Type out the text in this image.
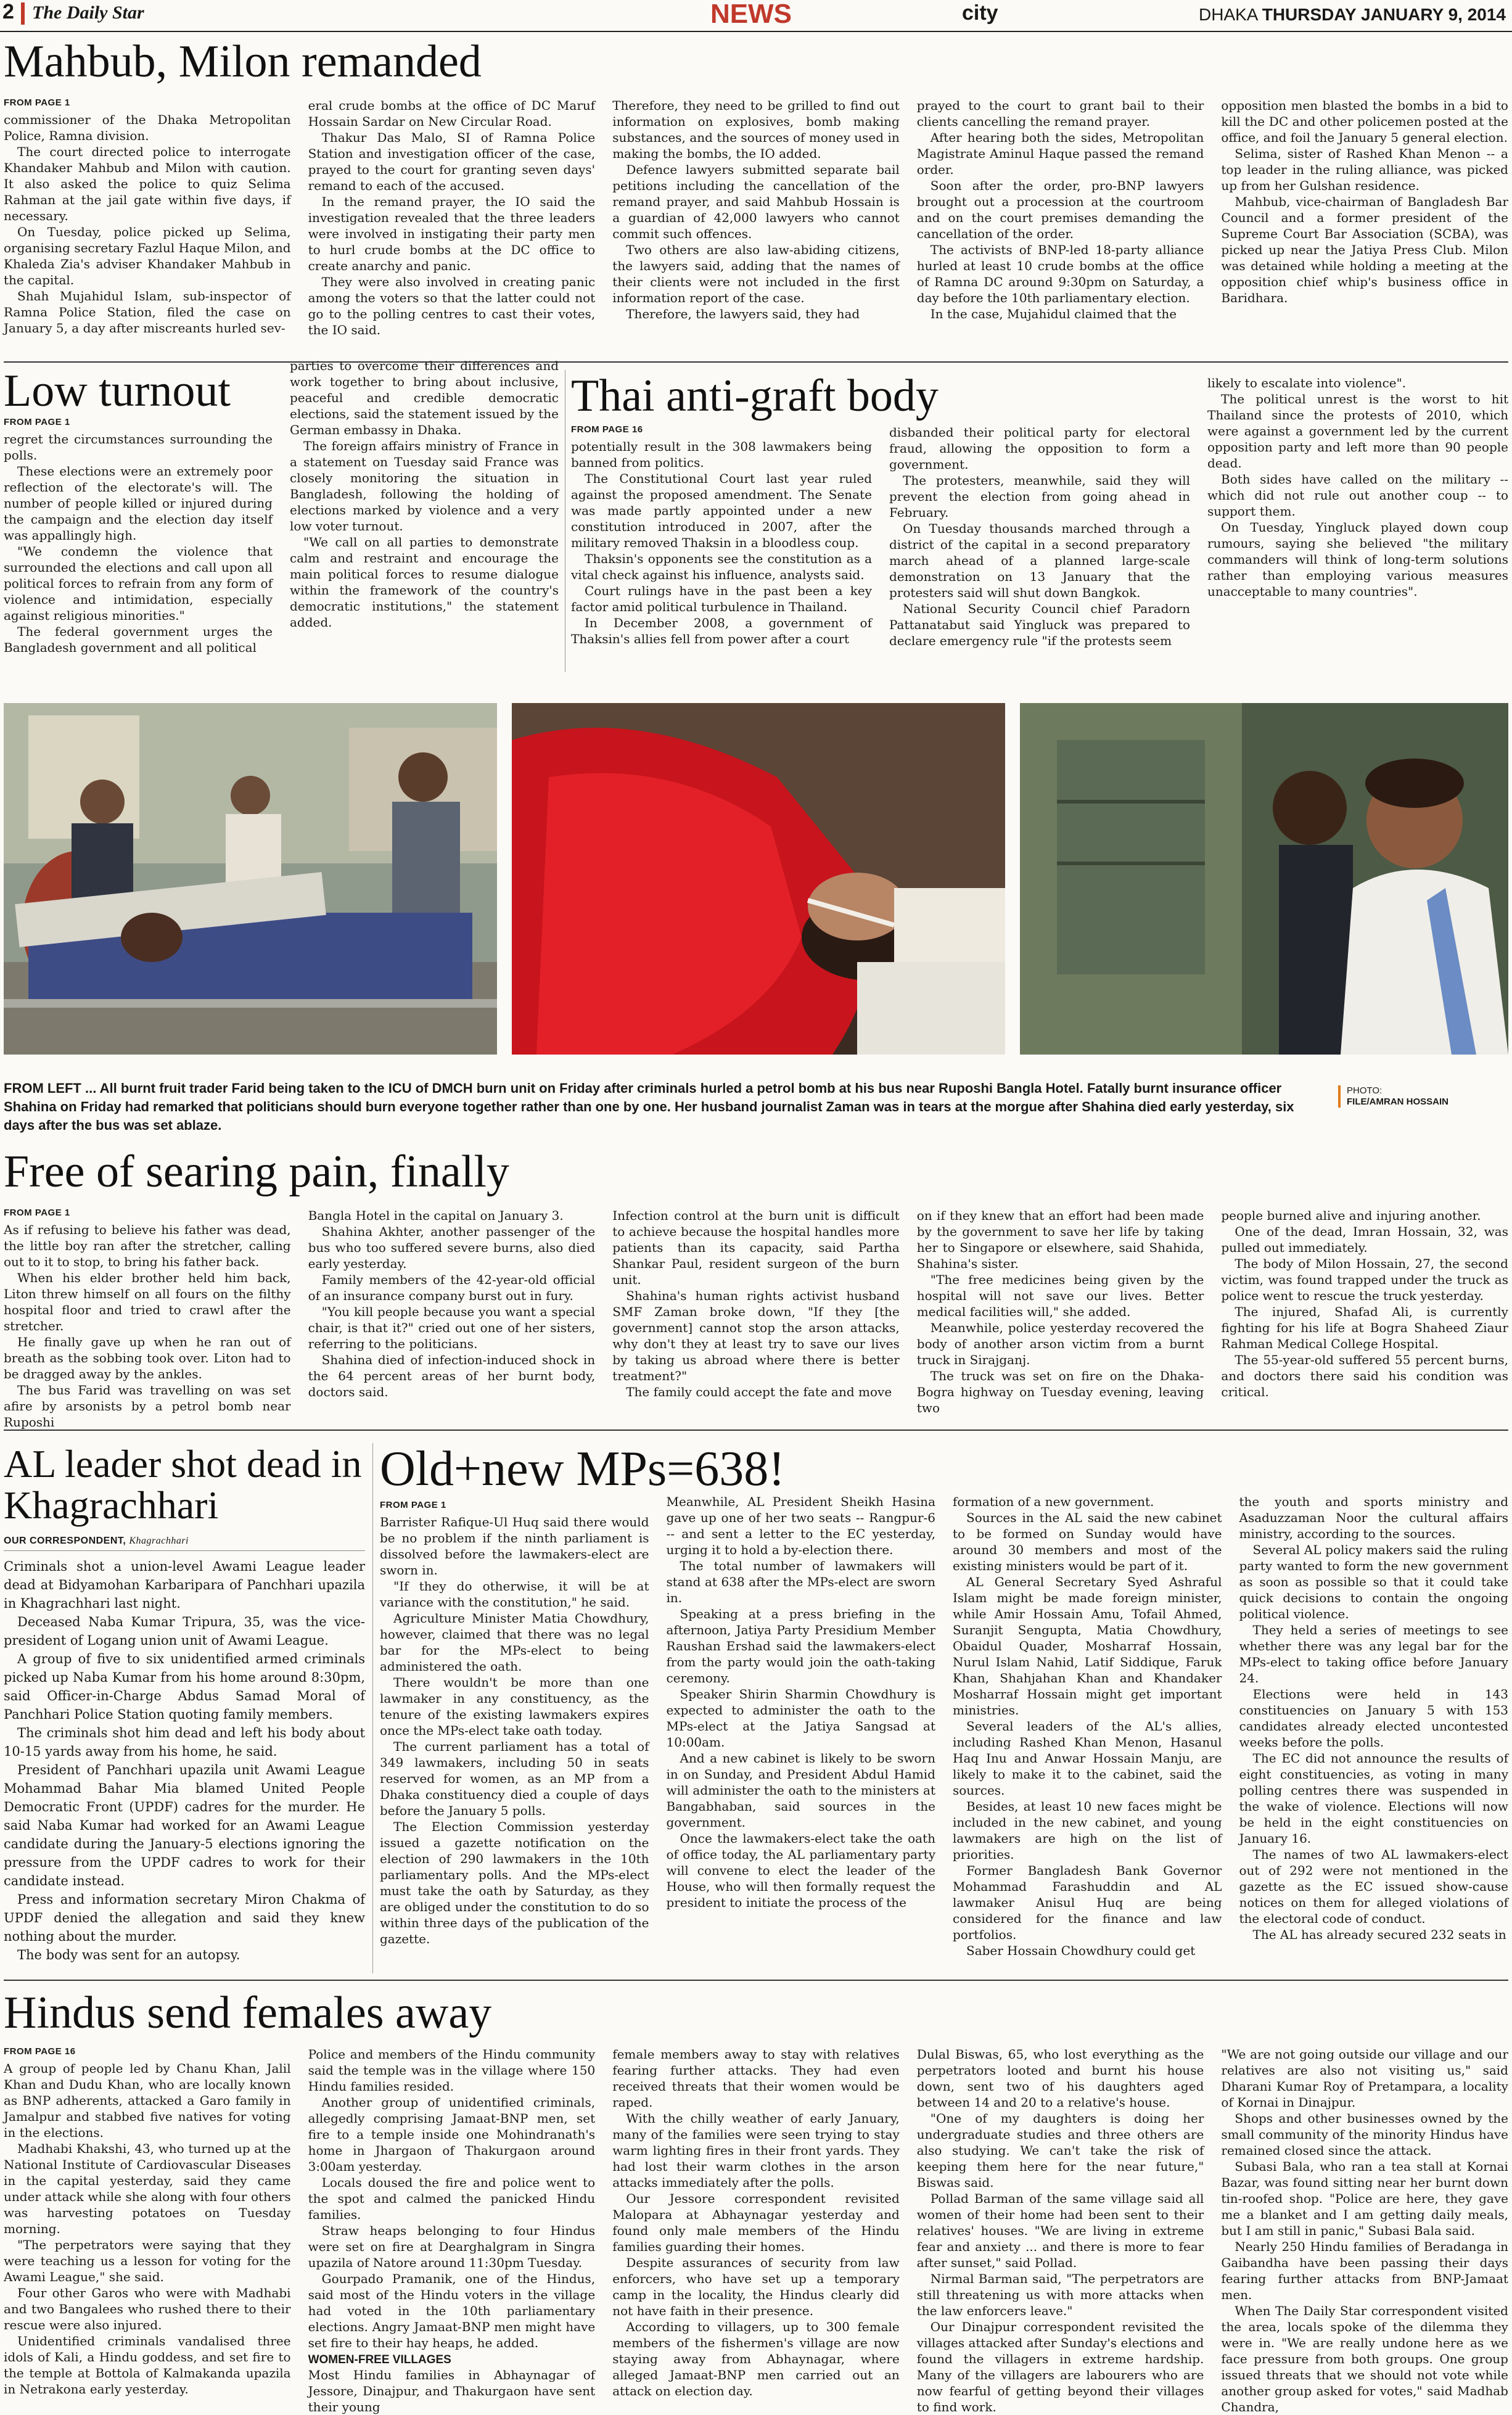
2 The Daily Star	NEWS	city	DHAKA THURSDAY JANUARY 9, 2014
Mahbub, Milon remanded
FROM PAGE 1

commissioner of the Dhaka Metropolitan Police, Ramna division.

The court directed police to interrogate Khandaker Mahbub and Milon with caution. It also asked the police to quiz Selima Rahman at the jail gate within five days, if necessary.

On Tuesday, police picked up Selima, organising secretary Fazlul Haque Milon, and Khaleda Zia's adviser Khandaker Mahbub in the capital.

Shah Mujahidul Islam, sub-inspector of Ramna Police Station, filed the case on January 5, a day after miscreants hurled sev-

eral crude bombs at the office of DC Maruf Hossain Sardar on New Circular Road.

Thakur Das Malo, SI of Ramna Police Station and investigation officer of the case, prayed to the court for granting seven days' remand to each of the accused.

In the remand prayer, the IO said the investigation revealed that the three leaders were involved in instigating their party men to hurl crude bombs at the DC office to create anarchy and panic.

They were also involved in creating panic among the voters so that the latter could not go to the polling centres to cast their votes, the IO said.

Therefore, they need to be grilled to find out information on explosives, bomb making substances, and the sources of money used in making the bombs, the IO added.

Defence lawyers submitted separate bail petitions including the cancellation of the remand prayer, and said Mahbub Hossain is a guardian of 42,000 lawyers who cannot commit such offences.

Two others are also law-abiding citizens, the lawyers said, adding that the names of their clients were not included in the first information report of the case.

Therefore, the lawyers said, they had

prayed to the court to grant bail to their clients cancelling the remand prayer.

After hearing both the sides, Metropolitan Magistrate Aminul Haque passed the remand order.

Soon after the order, pro-BNP lawyers brought out a procession at the courtroom and on the court premises demanding the cancellation of the order.

The activists of BNP-led 18-party alliance hurled at least 10 crude bombs at the office of Ramna DC around 9:30pm on Saturday, a day before the 10th parliamentary election.

In the case, Mujahidul claimed that the

opposition men blasted the bombs in a bid to kill the DC and other policemen posted at the office, and foil the January 5 general election.

Selima, sister of Rashed Khan Menon -- a top leader in the ruling alliance, was picked up from her Gulshan residence.

Mahbub, vice-chairman of Bangladesh Bar Council and a former president of the Supreme Court Bar Association (SCBA), was picked up near the Jatiya Press Club. Milon was detained while holding a meeting at the opposition chief whip's business office in Baridhara.

Low turnout
FROM PAGE 1

regret the circumstances surrounding the polls.

These elections were an extremely poor reflection of the electorate's will. The number of people killed or injured during the campaign and the election day itself was appallingly high.

"We condemn the violence that surrounded the elections and call upon all political forces to refrain from any form of violence and intimidation, especially against religious minorities."

The federal government urges the Bangladesh government and all political

parties to overcome their differences and work together to bring about inclusive, peaceful and credible democratic elections, said the statement issued by the German embassy in Dhaka.

The foreign affairs ministry of France in a statement on Tuesday said France was closely monitoring the situation in Bangladesh, following the holding of elections marked by violence and a very low voter turnout.

"We call on all parties to demonstrate calm and restraint and encourage the main political forces to resume dialogue within the framework of the country's democratic institutions," the statement added.

Thai anti-graft body
FROM PAGE 16

potentially result in the 308 lawmakers being banned from politics.

The Constitutional Court last year ruled against the proposed amendment. The Senate was made partly appointed under a new constitution introduced in 2007, after the military removed Thaksin in a bloodless coup.

Thaksin's opponents see the constitution as a vital check against his influence, analysts said.

Court rulings have in the past been a key factor amid political turbulence in Thailand.

In December 2008, a government of Thaksin's allies fell from power after a court

disbanded their political party for electoral fraud, allowing the opposition to form a government.

The protesters, meanwhile, said they will prevent the election from going ahead in February.

On Tuesday thousands marched through a district of the capital in a second preparatory march ahead of a planned large-scale demonstration on 13 January that the protesters said will shut down Bangkok.

National Security Council chief Paradorn Pattanatabut said Yingluck was prepared to declare emergency rule "if the protests seem

likely to escalate into violence".

The political unrest is the worst to hit Thailand since the protests of 2010, which were against a government led by the current opposition party and left more than 90 people dead.

Both sides have called on the military -- which did not rule out another coup -- to support them.

On Tuesday, Yingluck played down coup rumours, saying she believed "the military commanders will think of long-term solutions rather than employing various measures unacceptable to many countries".

FROM LEFT ... All burnt fruit trader Farid being taken to the ICU of DMCH burn unit on Friday after criminals hurled a petrol bomb at his bus near Ruposhi Bangla Hotel. Fatally burnt insurance officer Shahina on Friday had remarked that politicians should burn everyone together rather than one by one. Her husband journalist Zaman was in tears at the morgue after Shahina died early yesterday, six days after the bus was set ablaze.
PHOTO:
FILE/AMRAN HOSSAIN
Free of searing pain, finally
FROM PAGE 1

As if refusing to believe his father was dead, the little boy ran after the stretcher, calling out to it to stop, to bring his father back.

When his elder brother held him back, Liton threw himself on all fours on the filthy hospital floor and tried to crawl after the stretcher.

He finally gave up when he ran out of breath as the sobbing took over. Liton had to be dragged away by the ankles.

The bus Farid was travelling on was set afire by arsonists by a petrol bomb near Ruposhi

Bangla Hotel in the capital on January 3.

Shahina Akhter, another passenger of the bus who too suffered severe burns, also died early yesterday.

Family members of the 42-year-old official of an insurance company burst out in fury.

"You kill people because you want a special chair, is that it?" cried out one of her sisters, referring to the politicians.

Shahina died of infection-induced shock in the 64 percent areas of her burnt body, doctors said.

Infection control at the burn unit is difficult to achieve because the hospital handles more patients than its capacity, said Partha Shankar Paul, resident surgeon of the burn unit.

Shahina's human rights activist husband SMF Zaman broke down, "If they [the government] cannot stop the arson attacks, why don't they at least try to save our lives by taking us abroad where there is better treatment?"

The family could accept the fate and move

on if they knew that an effort had been made by the government to save her life by taking her to Singapore or elsewhere, said Shahida, Shahina's sister.

"The free medicines being given by the hospital will not save our lives. Better medical facilities will," she added.

Meanwhile, police yesterday recovered the body of another arson victim from a burnt truck in Sirajganj.

The truck was set on fire on the Dhaka-Bogra highway on Tuesday evening, leaving two

people burned alive and injuring another.

One of the dead, Imran Hossain, 32, was pulled out immediately.

The body of Milon Hossain, 27, the second victim, was found trapped under the truck as police went to rescue the truck yesterday.

The injured, Shafad Ali, is currently fighting for his life at Bogra Shaheed Ziaur Rahman Medical College Hospital.

The 55-year-old suffered 55 percent burns, and doctors there said his condition was critical.

AL leader shot dead in Khagrachhari
OUR CORRESPONDENT, Khagrachhari

Criminals shot a union-level Awami League leader dead at Bidyamohan Karbaripara of Panchhari upazila in Khagrachhari last night.

Deceased Naba Kumar Tripura, 35, was the vice-president of Logang union unit of Awami League.

A group of five to six unidentified armed criminals picked up Naba Kumar from his home around 8:30pm, said Officer-in-Charge Abdus Samad Moral of Panchhari Police Station quoting family members.

The criminals shot him dead and left his body about 10-15 yards away from his home, he said.

President of Panchhari upazila unit Awami League Mohammad Bahar Mia blamed United People Democratic Front (UPDF) cadres for the murder. He said Naba Kumar had worked for an Awami League candidate during the January-5 elections ignoring the pressure from the UPDF cadres to work for their candidate instead.

Press and information secretary Miron Chakma of UPDF denied the allegation and said they knew nothing about the murder.

The body was sent for an autopsy.

Old+new MPs=638!
FROM PAGE 1

Barrister Rafique-Ul Huq said there would be no problem if the ninth parliament is dissolved before the lawmakers-elect are sworn in.

"If they do otherwise, it will be at variance with the constitution," he said.

Agriculture Minister Matia Chowdhury, however, claimed that there was no legal bar for the MPs-elect to being administered the oath.

There wouldn't be more than one lawmaker in any constituency, as the tenure of the existing lawmakers expires once the MPs-elect take oath today.

The current parliament has a total of 349 lawmakers, including 50 in seats reserved for women, as an MP from a Dhaka constituency died a couple of days before the January 5 polls.

The Election Commission yesterday issued a gazette notification on the election of 290 lawmakers in the 10th parliamentary polls. And the MPs-elect must take the oath by Saturday, as they are obliged under the constitution to do so within three days of the publication of the gazette.

Meanwhile, AL President Sheikh Hasina gave up one of her two seats -- Rangpur-6 -- and sent a letter to the EC yesterday, urging it to hold a by-election there.

The total number of lawmakers will stand at 638 after the MPs-elect are sworn in.

Speaking at a press briefing in the afternoon, Jatiya Party Presidium Member Raushan Ershad said the lawmakers-elect from the party would join the oath-taking ceremony.

Speaker Shirin Sharmin Chowdhury is expected to administer the oath to the MPs-elect at the Jatiya Sangsad at 10:00am.

And a new cabinet is likely to be sworn in on Sunday, and President Abdul Hamid will administer the oath to the ministers at Bangabhaban, said sources in the government.

Once the lawmakers-elect take the oath of office today, the AL parliamentary party will convene to elect the leader of the House, who will then formally request the president to initiate the process of the

formation of a new government.

Sources in the AL said the new cabinet to be formed on Sunday would have around 30 members and most of the existing ministers would be part of it.

AL General Secretary Syed Ashraful Islam might be made foreign minister, while Amir Hossain Amu, Tofail Ahmed, Suranjit Sengupta, Matia Chowdhury, Obaidul Quader, Mosharraf Hossain, Nurul Islam Nahid, Latif Siddique, Faruk Khan, Shahjahan Khan and Khandaker Mosharraf Hossain might get important ministries.

Several leaders of the AL's allies, including Rashed Khan Menon, Hasanul Haq Inu and Anwar Hossain Manju, are likely to make it to the cabinet, said the sources.

Besides, at least 10 new faces might be included in the new cabinet, and young lawmakers are high on the list of priorities.

Former Bangladesh Bank Governor Mohammad Farashuddin and AL lawmaker Anisul Huq are being considered for the finance and law portfolios.

Saber Hossain Chowdhury could get

the youth and sports ministry and Asaduzzaman Noor the cultural affairs ministry, according to the sources.

Several AL policy makers said the ruling party wanted to form the new government as soon as possible so that it could take quick decisions to contain the ongoing political violence.

They held a series of meetings to see whether there was any legal bar for the MPs-elect to taking office before January 24.

Elections were held in 143 constituencies on January 5 with 153 candidates already elected uncontested weeks before the polls.

The EC did not announce the results of eight constituencies, as voting in many polling centres there was suspended in the wake of violence. Elections will now be held in the eight constituencies on January 16.

The names of two AL lawmakers-elect out of 292 were not mentioned in the gazette as the EC issued show-cause notices on them for alleged violations of the electoral code of conduct.

The AL has already secured 232 seats in

Hindus send females away
FROM PAGE 16

A group of people led by Chanu Khan, Jalil Khan and Dudu Khan, who are locally known as BNP adherents, attacked a Garo family in Jamalpur and stabbed five natives for voting in the elections.

Madhabi Khakshi, 43, who turned up at the National Institute of Cardiovascular Diseases in the capital yesterday, said they came under attack while she along with four others was harvesting potatoes on Tuesday morning.

"The perpetrators were saying that they were teaching us a lesson for voting for the Awami League," she said.

Four other Garos who were with Madhabi and two Bangalees who rushed there to their rescue were also injured.

Unidentified criminals vandalised three idols of Kali, a Hindu goddess, and set fire to the temple at Bottola of Kalmakanda upazila in Netrakona early yesterday.

Police and members of the Hindu community said the temple was in the village where 150 Hindu families resided.

Another group of unidentified criminals, allegedly comprising Jamaat-BNP men, set fire to a temple inside one Mohindranath's home in Jhargaon of Thakurgaon around 3:00am yesterday.

Locals doused the fire and police went to the spot and calmed the panicked Hindu families.

Straw heaps belonging to four Hindus were set on fire at Dearghalgram in Singra upazila of Natore around 11:30pm Tuesday.

Gourpado Pramanik, one of the Hindus, said most of the Hindu voters in the village had voted in the 10th parliamentary elections. Angry Jamaat-BNP men might have set fire to their hay heaps, he added.

WOMEN-FREE VILLAGES

Most Hindu families in Abhaynagar of Jessore, Dinajpur, and Thakurgaon have sent their young

female members away to stay with relatives fearing further attacks. They had even received threats that their women would be raped.

With the chilly weather of early January, many of the families were seen trying to stay warm lighting fires in their front yards. They had lost their warm clothes in the arson attacks immediately after the polls.

Our Jessore correspondent revisited Malopara at Abhaynagar yesterday and found only male members of the Hindu families guarding their homes.

Despite assurances of security from law enforcers, who have set up a temporary camp in the locality, the Hindus clearly did not have faith in their presence.

According to villagers, up to 300 female members of the fishermen's village are now staying away from Abhaynagar, where alleged Jamaat-BNP men carried out an attack on election day.

Dulal Biswas, 65, who lost everything as the perpetrators looted and burnt his house down, sent two of his daughters aged between 14 and 20 to a relative's house.

"One of my daughters is doing her undergraduate studies and three others are also studying. We can't take the risk of keeping them here for the near future," Biswas said.

Pollad Barman of the same village said all women of their home had been sent to their relatives' houses. "We are living in extreme fear and anxiety ... and there is more to fear after sunset," said Pollad.

Nirmal Barman said, "The perpetrators are still threatening us with more attacks when the law enforcers leave."

Our Dinajpur correspondent revisited the villages attacked after Sunday's elections and found the villagers in extreme hardship. Many of the villagers are labourers who are now fearful of getting beyond their villages to find work.

"We are not going outside our village and our relatives are also not visiting us," said Dharani Kumar Roy of Pretampara, a locality of Kornai in Dinajpur.

Shops and other businesses owned by the small community of the minority Hindus have remained closed since the attack.

Subasi Bala, who ran a tea stall at Kornai Bazar, was found sitting near her burnt down tin-roofed shop. "Police are here, they gave me a blanket and I am getting daily meals, but I am still in panic," Subasi Bala said.

Nearly 250 Hindu families of Beradanga in Gaibandha have been passing their days fearing further attacks from BNP-Jamaat men.

When The Daily Star correspondent visited the area, locals spoke of the dilemma they were in. "We are really undone here as we face pressure from both groups. One group issued threats that we should not vote while another group asked for votes," said Madhab Chandra,
